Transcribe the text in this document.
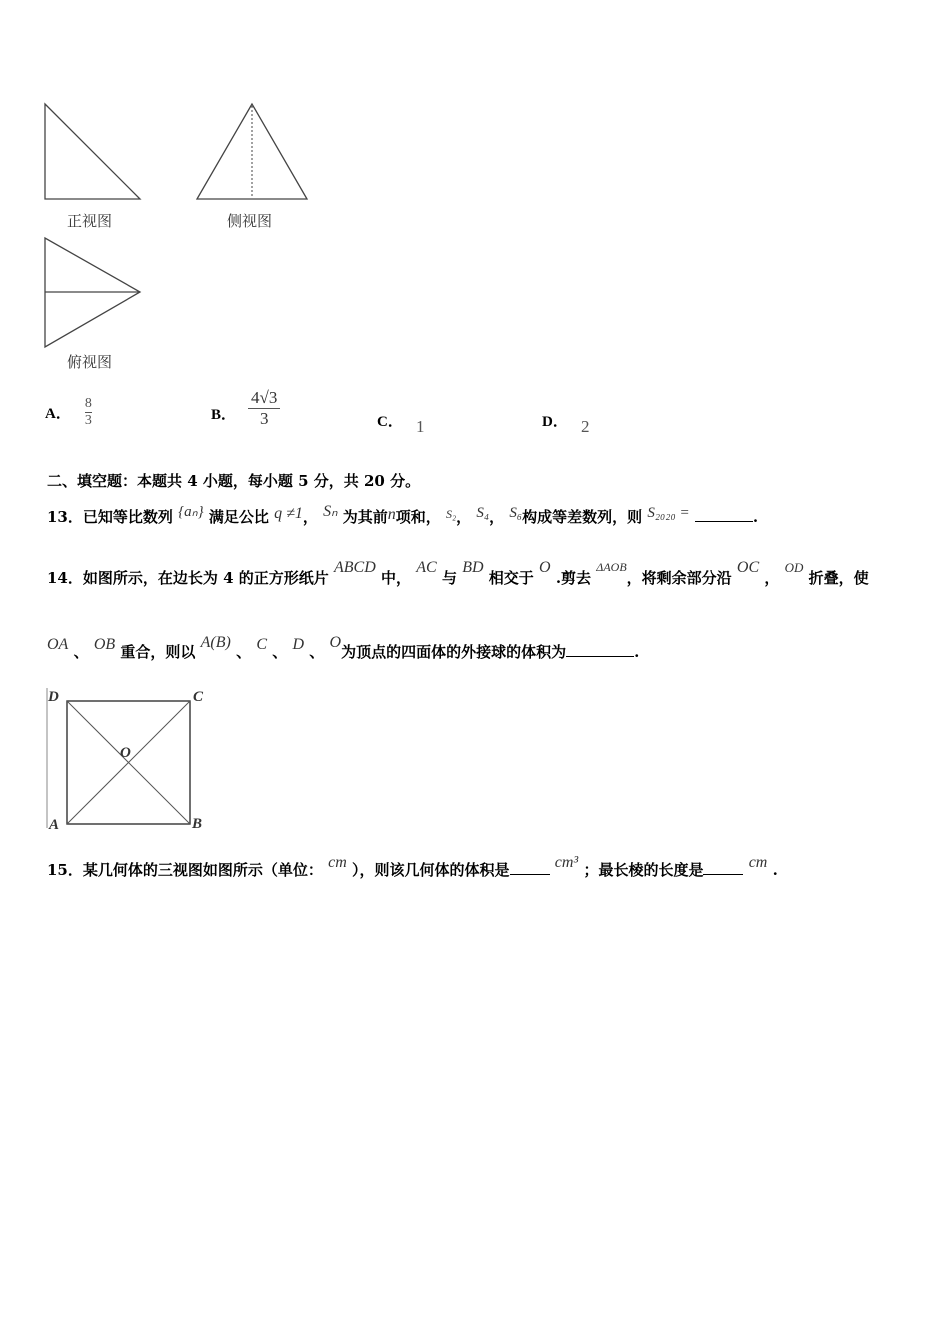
正视图	侧视图
俯视图
A． $\frac{8}{3}$	B． $\frac{4√3}{3}$	C． 1	D． 2
二、填空题：本题共 4 小题，每小题 5 分，共 20 分。
13．已知等比数列 {aₙ} 满足公比 q ≠1， Sₙ 为其前n项和， $^{S_2}$， S₄， S₆构成等差数列，则 S₂₀₂₀ =	.
14．如图所示，在边长为 4 的正方形纸片 ABCD 中， AC 与 BD 相交于 O .剪去 $^{\Delta AOB}$，将剩余部分沿 OC ， OD 折叠，使
OA 、 OB 重合，则以 A(B) 、 C 、 D 、 O为顶点的四面体的外接球的体积为	.
D	C
O
A	B
15．某几何体的三视图如图所示（单位： cm ），则该几何体的体积是	cm³ ；最长棱的长度是	cm .
